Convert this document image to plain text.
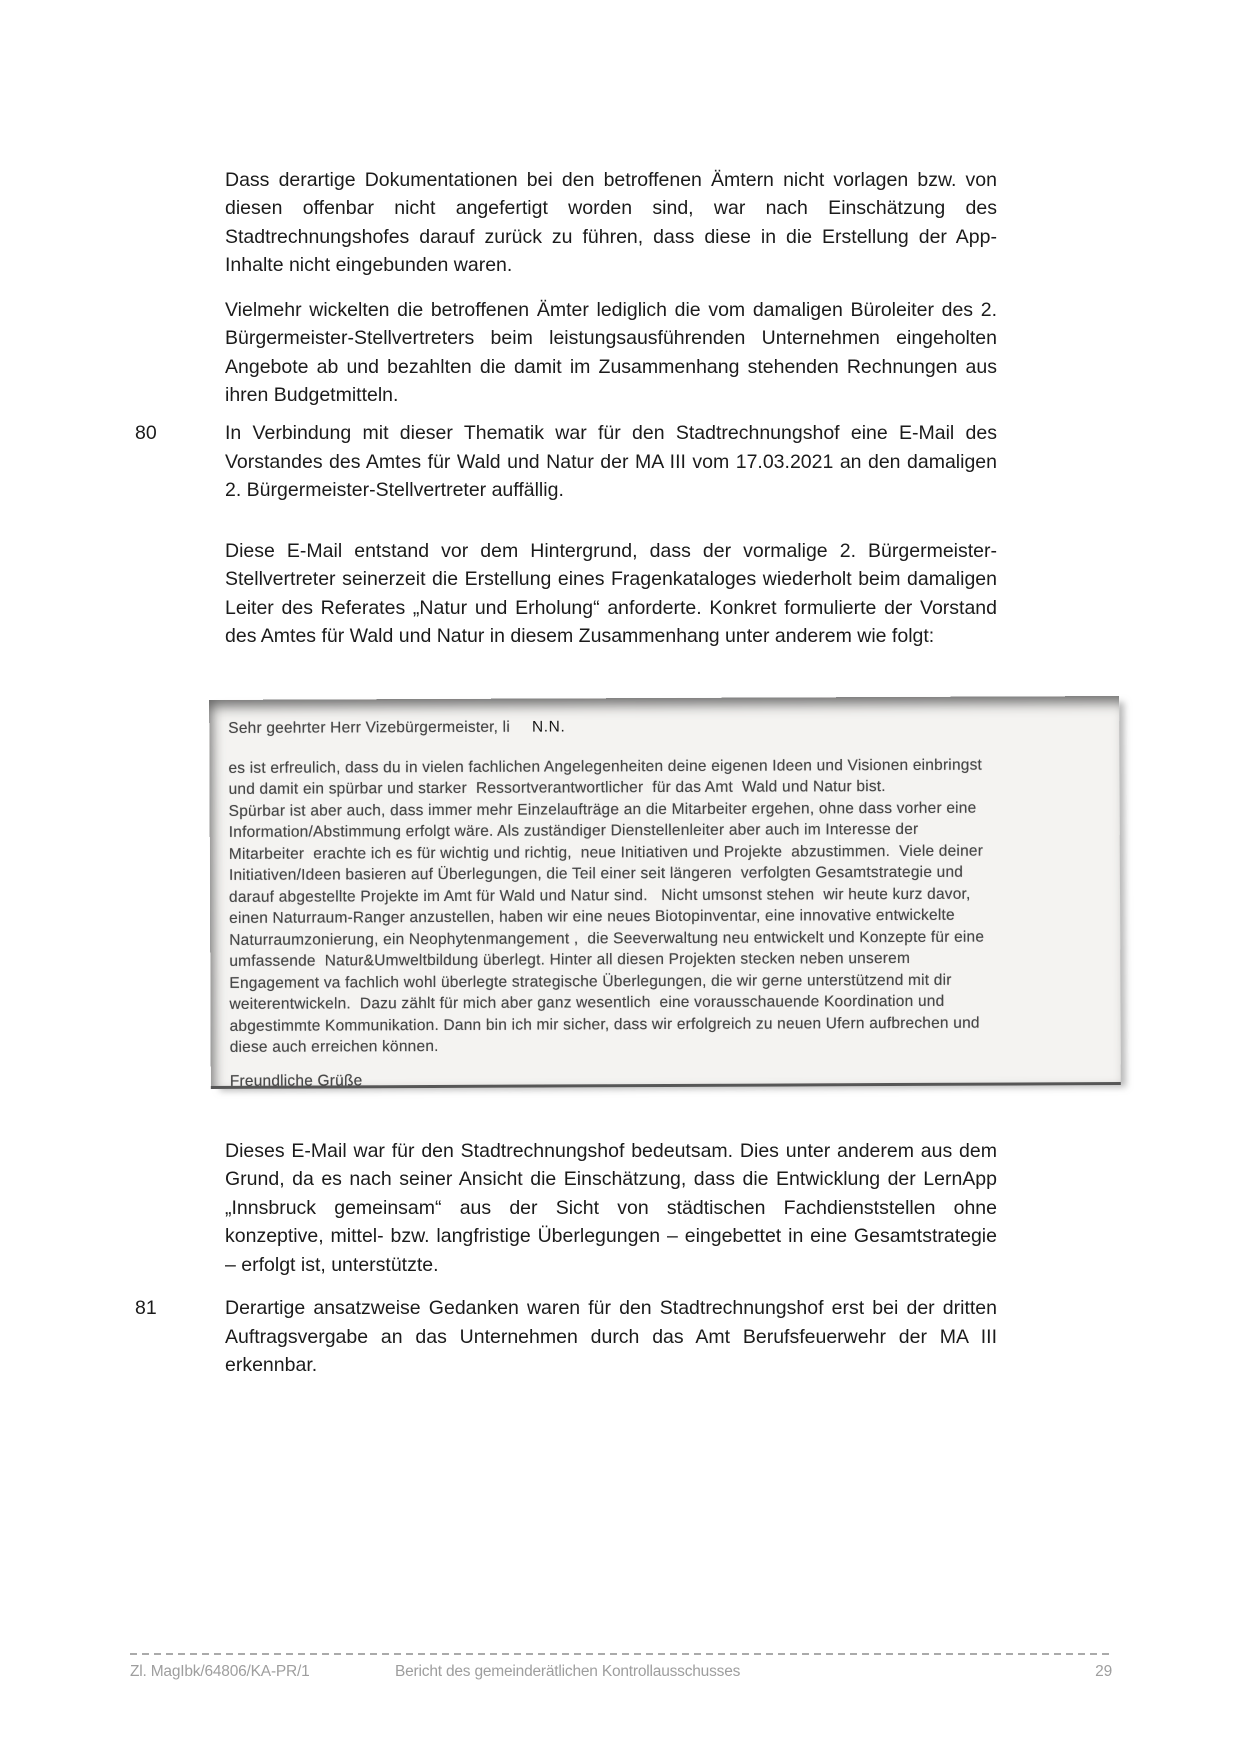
Dass derartige Dokumentationen bei den betroffenen Ämtern nicht vorlagen bzw. von diesen offenbar nicht angefertigt worden sind, war nach Einschätzung des Stadtrechnungshofes darauf zurück zu führen, dass diese in die Erstellung der App-Inhalte nicht eingebunden waren.

Vielmehr wickelten die betroffenen Ämter lediglich die vom damaligen Büroleiter des 2. Bürgermeister-Stellvertreters beim leistungsausführenden Unternehmen eingeholten Angebote ab und bezahlten die damit im Zusammenhang stehenden Rechnungen aus ihren Budgetmitteln.

80	In Verbindung mit dieser Thematik war für den Stadtrechnungshof eine E-Mail des Vorstandes des Amtes für Wald und Natur der MA III vom 17.03.2021 an den damaligen 2. Bürgermeister-Stellvertreter auffällig.

Diese E-Mail entstand vor dem Hintergrund, dass der vormalige 2. Bürgermeister-Stellvertreter seinerzeit die Erstellung eines Fragenkataloges wiederholt beim damaligen Leiter des Referates „Natur und Erholung“ anforderte. Konkret formulierte der Vorstand des Amtes für Wald und Natur in diesem Zusammenhang unter anderem wie folgt:

Sehr geehrter Herr Vizebürgermeister, li N.N.
es ist erfreulich, dass du in vielen fachlichen Angelegenheiten deine eigenen Ideen und Visionen einbringst
und damit ein spürbar und starker  Ressortverantwortlicher  für das Amt  Wald und Natur bist.
Spürbar ist aber auch, dass immer mehr Einzelaufträge an die Mitarbeiter ergehen, ohne dass vorher eine
Information/Abstimmung erfolgt wäre. Als zuständiger Dienstellenleiter aber auch im Interesse der
Mitarbeiter  erachte ich es für wichtig und richtig,  neue Initiativen und Projekte  abzustimmen.  Viele deiner
Initiativen/Ideen basieren auf Überlegungen, die Teil einer seit längeren  verfolgten Gesamtstrategie und
darauf abgestellte Projekte im Amt für Wald und Natur sind.   Nicht umsonst stehen  wir heute kurz davor,
einen Naturraum-Ranger anzustellen, haben wir eine neues Biotopinventar, eine innovative entwickelte
Naturraumzonierung, ein Neophytenmangement ,  die Seeverwaltung neu entwickelt und Konzepte für eine
umfassende  Natur&Umweltbildung überlegt. Hinter all diesen Projekten stecken neben unserem
Engagement va fachlich wohl überlegte strategische Überlegungen, die wir gerne unterstützend mit dir
weiterentwickeln.  Dazu zählt für mich aber ganz wesentlich  eine vorausschauende Koordination und
abgestimmte Kommunikation. Dann bin ich mir sicher, dass wir erfolgreich zu neuen Ufern aufbrechen und
diese auch erreichen können.
Freundliche Grüße

Dieses E-Mail war für den Stadtrechnungshof bedeutsam. Dies unter anderem aus dem Grund, da es nach seiner Ansicht die Einschätzung, dass die Entwicklung der LernApp „Innsbruck gemeinsam“ aus der Sicht von städtischen Fachdienststellen ohne konzeptive, mittel- bzw. langfristige Überlegungen – eingebettet in eine Gesamtstrategie – erfolgt ist, unterstützte.

81	Derartige ansatzweise Gedanken waren für den Stadtrechnungshof erst bei der dritten Auftragsvergabe an das Unternehmen durch das Amt Berufsfeuerwehr der MA III erkennbar.
Zl. MagIbk/64806/KA-PR/1	Bericht des gemeinderätlichen Kontrollausschusses	29
